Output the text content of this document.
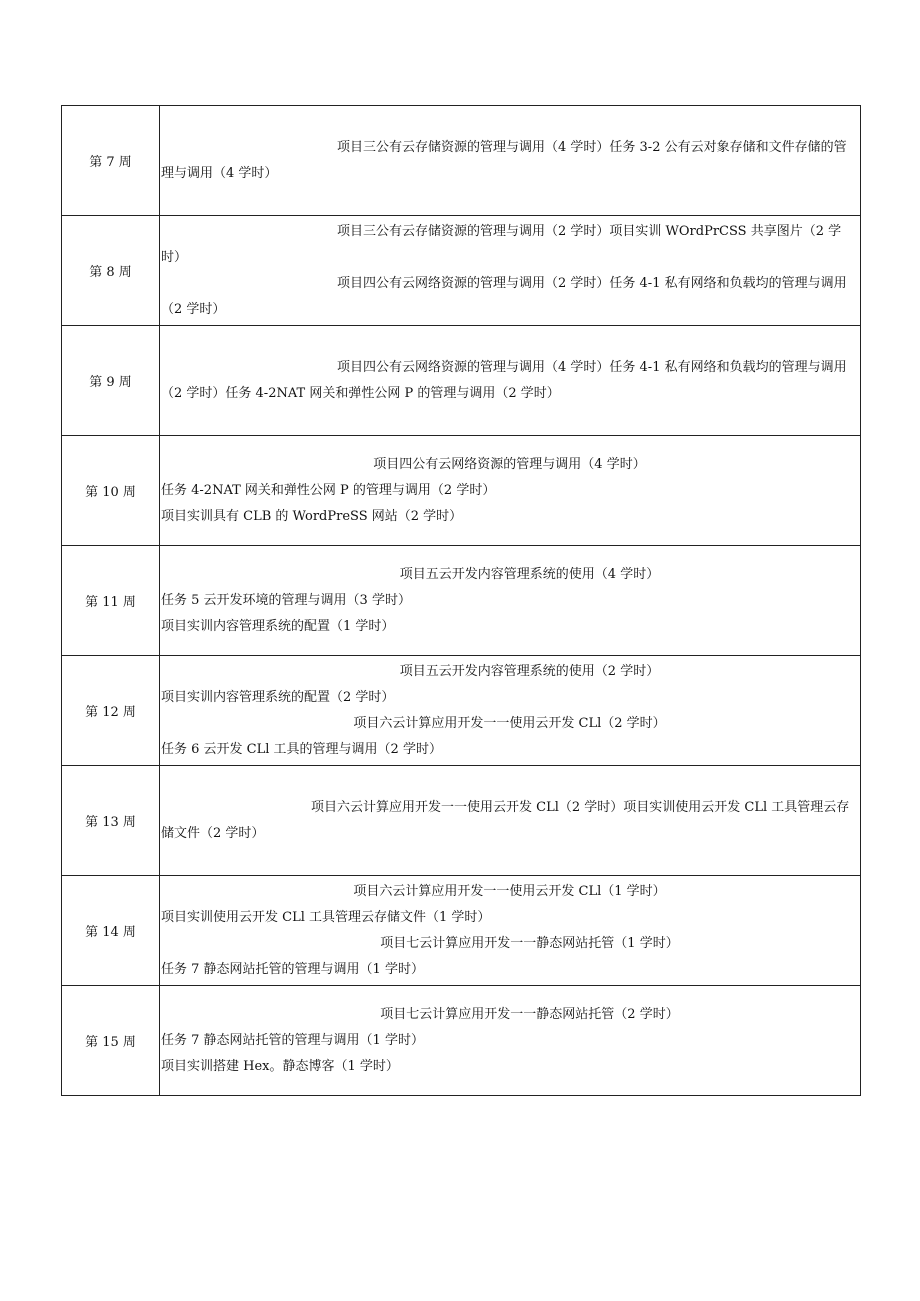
第 7 周	项目三公有云存储资源的管理与调用（4 学时）任务 3-2 公有云对象存储和文件存储的管理与调用（4 学时）

第 8 周	项目三公有云存储资源的管理与调用（2 学时）项目实训 WOrdPrCSS 共享图片（2 学时）
项目四公有云网络资源的管理与调用（2 学时）任务 4-1 私有网络和负载均的管理与调用（2 学时）

第 9 周	项目四公有云网络资源的管理与调用（4 学时）任务 4-1 私有网络和负载均的管理与调用（2 学时）任务 4-2NAT 网关和弹性公网 P 的管理与调用（2 学时）

第 10 周	项目四公有云网络资源的管理与调用（4 学时）
任务 4-2NAT 网关和弹性公网 P 的管理与调用（2 学时）
项目实训具有 CLB 的 WordPreSS 网站（2 学时）

第 11 周	项目五云开发内容管理系统的使用（4 学时）
任务 5 云开发环境的管理与调用（3 学时）
项目实训内容管理系统的配置（1 学时）

第 12 周	项目五云开发内容管理系统的使用（2 学时）
项目实训内容管理系统的配置（2 学时）
项目六云计算应用开发一一使用云开发 CLl（2 学时）
任务 6 云开发 CLl 工具的管理与调用（2 学时）

第 13 周	项目六云计算应用开发一一使用云开发 CLl（2 学时）项目实训使用云开发 CLl 工具管理云存储文件（2 学时）

第 14 周	项目六云计算应用开发一一使用云开发 CLl（1 学时）
项目实训使用云开发 CLl 工具管理云存储文件（1 学时）
项目七云计算应用开发一一静态网站托管（1 学时）
任务 7 静态网站托管的管理与调用（1 学时）

第 15 周	项目七云计算应用开发一一静态网站托管（2 学时）
任务 7 静态网站托管的管理与调用（1 学时）
项目实训搭建 Hex。静态博客（1 学时）
